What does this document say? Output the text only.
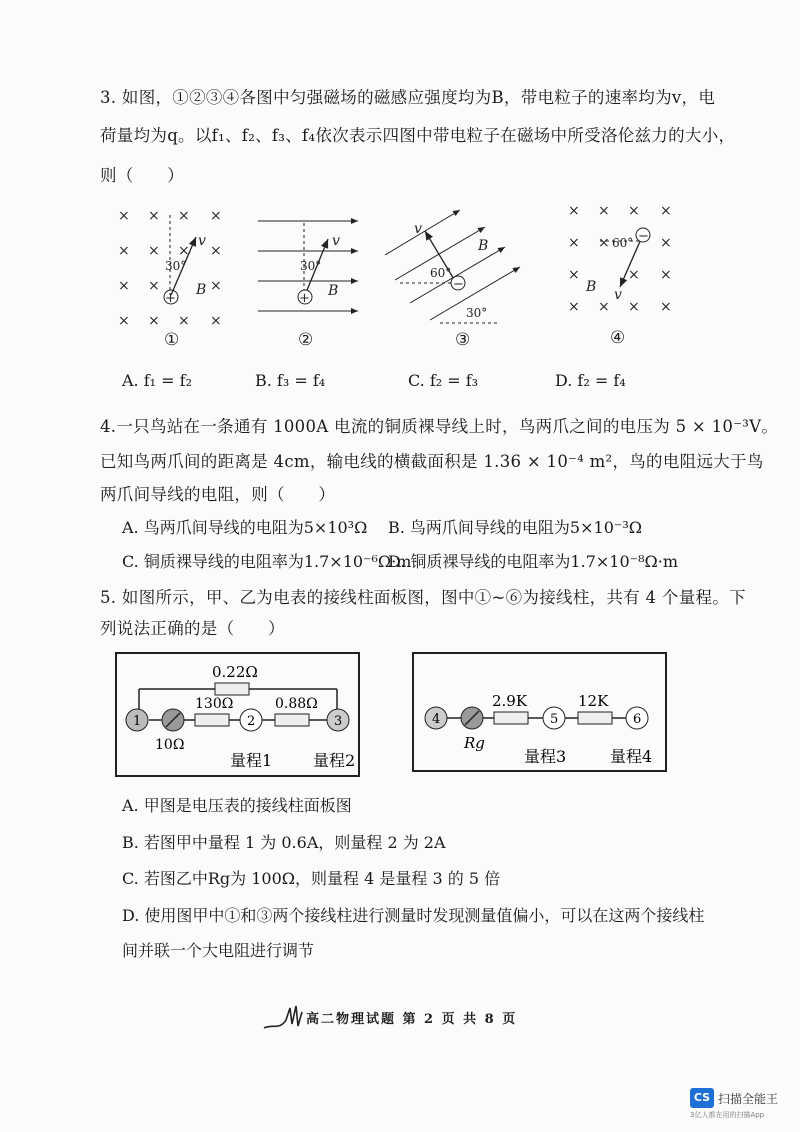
3. 如图，①②③④各图中匀强磁场的磁感应强度均为B，带电粒子的速率均为v，电
荷量均为q。以f₁、f₂、f₃、f₄依次表示四图中带电粒子在磁场中所受洛伦兹力的大小，
则（　　）
× × × ×
× × × ×
× ×	×
× × × ×
v
30°
+
B
①
v
30°
+ B
②
30°
v
60°
−
B
③
× × × ×
× ×	×
×	× ×
× × × ×
60° −
v
B
④
A. f₁ = f₂	B. f₃ = f₄	C. f₂ = f₃	D. f₂ = f₄
4.一只鸟站在一条通有 1000A 电流的铜质裸导线上时，鸟两爪之间的电压为 5 × 10⁻³V。
已知鸟两爪间的距离是 4cm，输电线的横截面积是 1.36 × 10⁻⁴ m²，鸟的电阻远大于鸟
两爪间导线的电阻，则（　　）
A. 鸟两爪间导线的电阻为5×10³Ω B. 鸟两爪间导线的电阻为5×10⁻³Ω
C. 铜质裸导线的电阻率为1.7×10⁻⁶Ω·m
D. 铜质裸导线的电阻率为1.7×10⁻⁸Ω·m
5. 如图所示，甲、乙为电表的接线柱面板图，图中①~⑥为接线柱，共有 4 个量程。下
列说法正确的是（　　）
0.22Ω
130Ω	0.88Ω
1	2	3
10Ω
量程1	量程2
4
Rg
2.9K
5
12K
6
量程3	量程4
A. 甲图是电压表的接线柱面板图
B. 若图甲中量程 1 为 0.6A，则量程 2 为 2A
C. 若图乙中Rg为 100Ω，则量程 4 是量程 3 的 5 倍
D. 使用图甲中①和③两个接线柱进行测量时发现测量值偏小，可以在这两个接线柱
间并联一个大电阻进行调节
高二物理试题 第 2 页 共 8 页
CS 扫描全能王
3亿人都在用的扫描App
